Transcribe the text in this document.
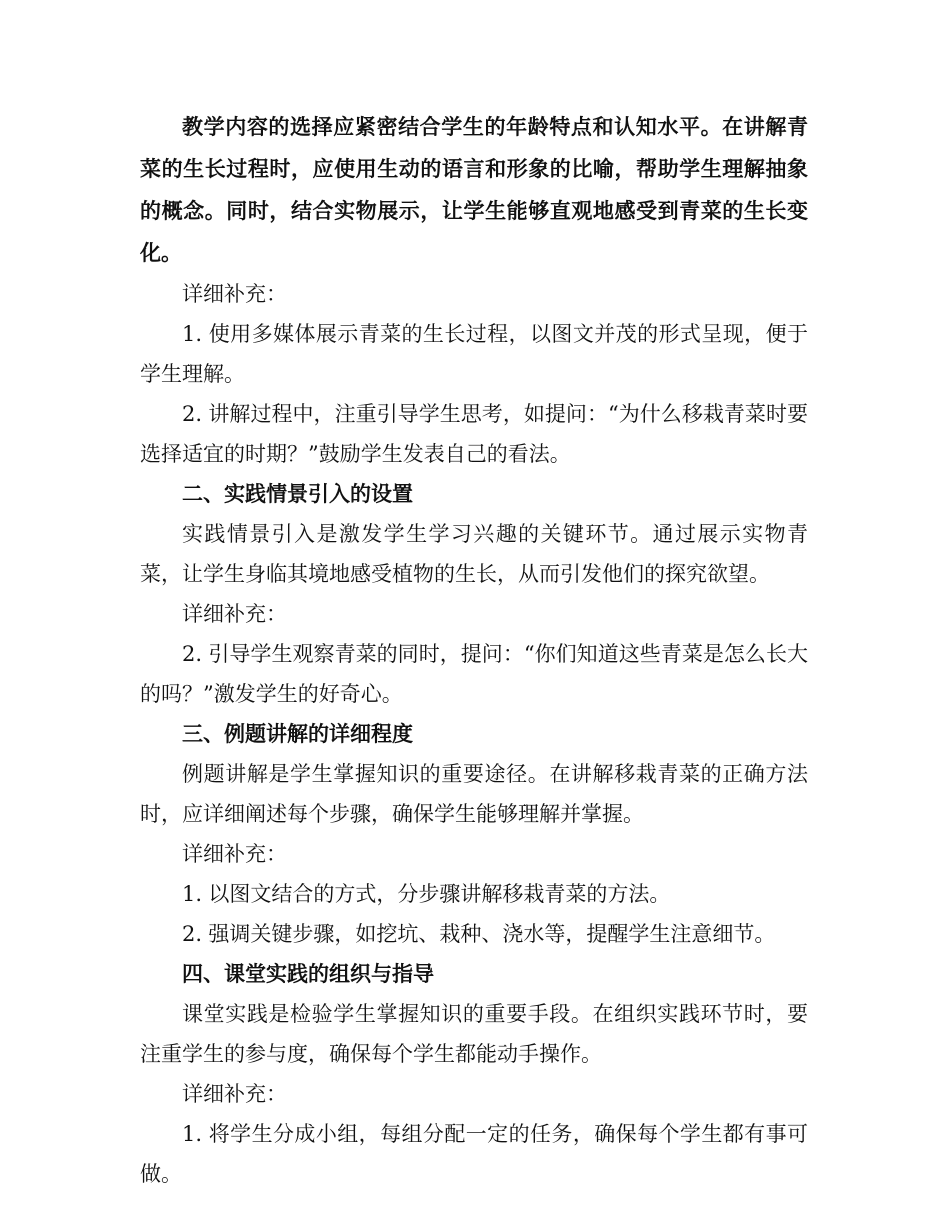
教学内容的选择应紧密结合学生的年龄特点和认知水平。在讲解青菜的生长过程时，应使用生动的语言和形象的比喻，帮助学生理解抽象的概念。同时，结合实物展示，让学生能够直观地感受到青菜的生长变化。

详细补充：

1. 使用多媒体展示青菜的生长过程，以图文并茂的形式呈现，便于学生理解。

2. 讲解过程中，注重引导学生思考，如提问：“为什么移栽青菜时要选择适宜的时期？”鼓励学生发表自己的看法。

二、实践情景引入的设置

实践情景引入是激发学生学习兴趣的关键环节。通过展示实物青菜，让学生身临其境地感受植物的生长，从而引发他们的探究欲望。

详细补充：

2. 引导学生观察青菜的同时，提问：“你们知道这些青菜是怎么长大的吗？”激发学生的好奇心。

三、例题讲解的详细程度

例题讲解是学生掌握知识的重要途径。在讲解移栽青菜的正确方法时，应详细阐述每个步骤，确保学生能够理解并掌握。

详细补充：

1. 以图文结合的方式，分步骤讲解移栽青菜的方法。

2. 强调关键步骤，如挖坑、栽种、浇水等，提醒学生注意细节。

四、课堂实践的组织与指导

课堂实践是检验学生掌握知识的重要手段。在组织实践环节时，要注重学生的参与度，确保每个学生都能动手操作。

详细补充：

1. 将学生分成小组，每组分配一定的任务，确保每个学生都有事可做。
